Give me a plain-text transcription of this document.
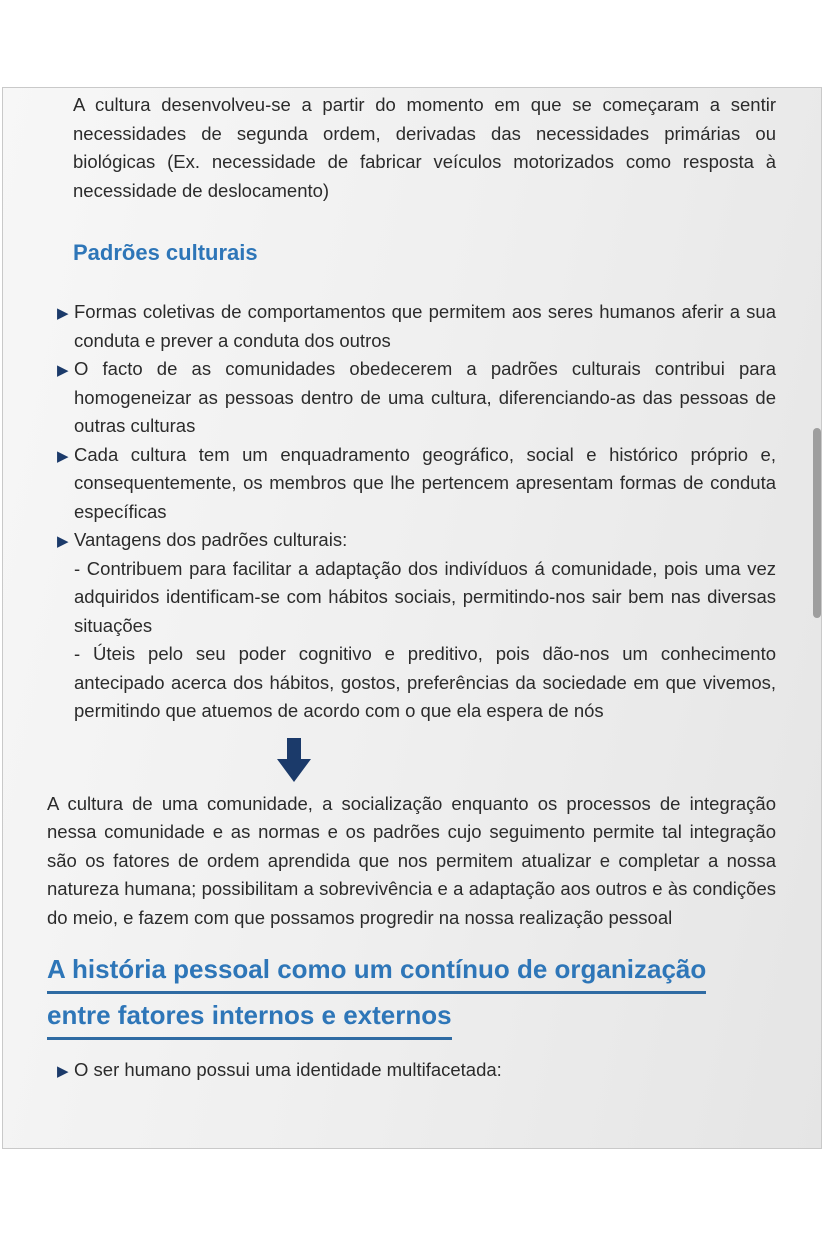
A cultura desenvolveu-se a partir do momento em que se começaram a sentir necessidades de segunda ordem, derivadas das necessidades primárias ou biológicas (Ex. necessidade de fabricar veículos motorizados como resposta à necessidade de deslocamento)

Padrões culturais
▶ Formas coletivas de comportamentos que permitem aos seres humanos aferir a sua conduta e prever a conduta dos outros
▶ O facto de as comunidades obedecerem a padrões culturais contribui para homogeneizar as pessoas dentro de uma cultura, diferenciando-as das pessoas de outras culturas
▶ Cada cultura tem um enquadramento geográfico, social e histórico próprio e, consequentemente, os membros que lhe pertencem apresentam formas de conduta específicas
▶ Vantagens dos padrões culturais:
- Contribuem para facilitar a adaptação dos indivíduos á comunidade, pois uma vez adquiridos identificam-se com hábitos sociais, permitindo-nos sair bem nas diversas situações
- Úteis pelo seu poder cognitivo e preditivo, pois dão-nos um conhecimento antecipado acerca dos hábitos, gostos, preferências da sociedade em que vivemos, permitindo que atuemos de acordo com o que ela espera de nós

A cultura de uma comunidade, a socialização enquanto os processos de integração nessa comunidade e as normas e os padrões cujo seguimento permite tal integração são os fatores de ordem aprendida que nos permitem atualizar e completar a nossa natureza humana; possibilitam a sobrevivência e a adaptação aos outros e às condições do meio, e fazem com que possamos progredir na nossa realização pessoal

A história pessoal como um contínuo de organização
entre fatores internos e externos
▶ O ser humano possui uma identidade multifacetada:
